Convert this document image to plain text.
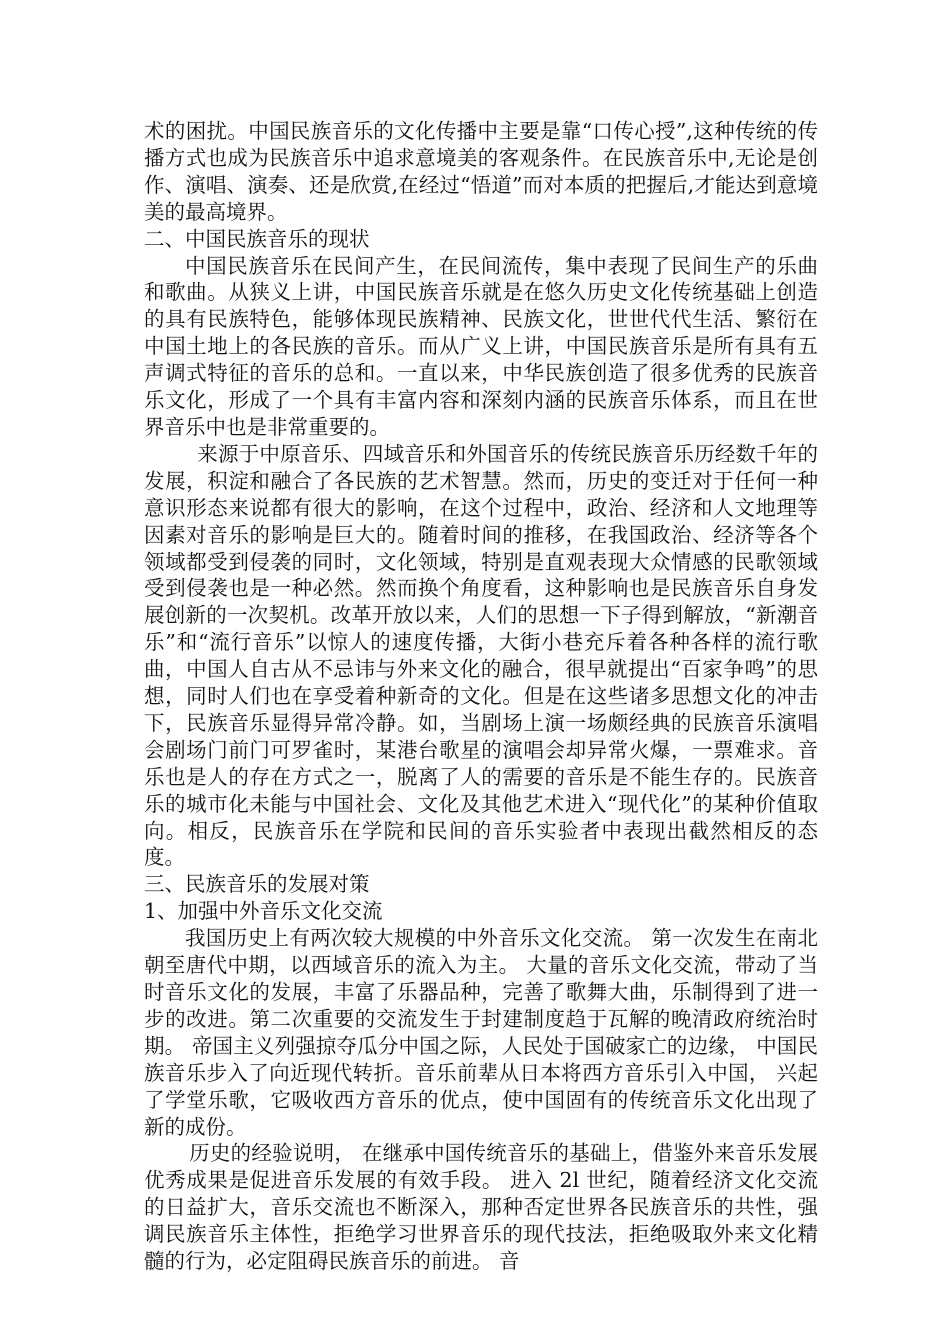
术的困扰。中国民族音乐的文化传播中主要是靠“口传心授”,这种传统的传播方式也成为民族音乐中追求意境美的客观条件。在民族音乐中,无论是创作、演唱、演奏、还是欣赏,在经过“悟道”而对本质的把握后,才能达到意境美的最高境界。

二、中国民族音乐的现状

中国民族音乐在民间产生，在民间流传，集中表现了民间生产的乐曲和歌曲。从狭义上讲，中国民族音乐就是在悠久历史文化传统基础上创造的具有民族特色，能够体现民族精神、民族文化，世世代代生活、繁衍在中国土地上的各民族的音乐。而从广义上讲，中国民族音乐是所有具有五声调式特征的音乐的总和。一直以来，中华民族创造了很多优秀的民族音乐文化，形成了一个具有丰富内容和深刻内涵的民族音乐体系，而且在世界音乐中也是非常重要的。

来源于中原音乐、四域音乐和外国音乐的传统民族音乐历经数千年的发展，积淀和融合了各民族的艺术智慧。然而，历史的变迁对于任何一种意识形态来说都有很大的影响，在这个过程中，政治、经济和人文地理等因素对音乐的影响是巨大的。随着时间的推移，在我国政治、经济等各个领域都受到侵袭的同时，文化领域，特别是直观表现大众情感的民歌领域受到侵袭也是一种必然。然而换个角度看，这种影响也是民族音乐自身发展创新的一次契机。改革开放以来，人们的思想一下子得到解放，“新潮音乐”和“流行音乐”以惊人的速度传播，大街小巷充斥着各种各样的流行歌曲，中国人自古从不忌讳与外来文化的融合，很早就提出“百家争鸣”的思想，同时人们也在享受着种新奇的文化。但是在这些诸多思想文化的冲击下，民族音乐显得异常冷静。如，当剧场上演一场颇经典的民族音乐演唱会剧场门前门可罗雀时，某港台歌星的演唱会却异常火爆，一票难求。音乐也是人的存在方式之一，脱离了人的需要的音乐是不能生存的。民族音乐的城市化未能与中国社会、文化及其他艺术进入“现代化”的某种价值取向。相反，民族音乐在学院和民间的音乐实验者中表现出截然相反的态度。

三、民族音乐的发展对策

1、加强中外音乐文化交流

我国历史上有两次较大规模的中外音乐文化交流。 第一次发生在南北朝至唐代中期，以西域音乐的流入为主。 大量的音乐文化交流，带动了当时音乐文化的发展，丰富了乐器品种，完善了歌舞大曲，乐制得到了进一步的改进。第二次重要的交流发生于封建制度趋于瓦解的晚清政府统治时期。 帝国主义列强掠夺瓜分中国之际，人民处于国破家亡的边缘， 中国民族音乐步入了向近现代转折。音乐前辈从日本将西方音乐引入中国， 兴起了学堂乐歌，它吸收西方音乐的优点，使中国固有的传统音乐文化出现了新的成份。

历史的经验说明， 在继承中国传统音乐的基础上，借鉴外来音乐发展优秀成果是促进音乐发展的有效手段。 进入 2l 世纪，随着经济文化交流的日益扩大，音乐交流也不断深入，那种否定世界各民族音乐的共性，强调民族音乐主体性，拒绝学习世界音乐的现代技法，拒绝吸取外来文化精髓的行为，必定阻碍民族音乐的前进。 音
